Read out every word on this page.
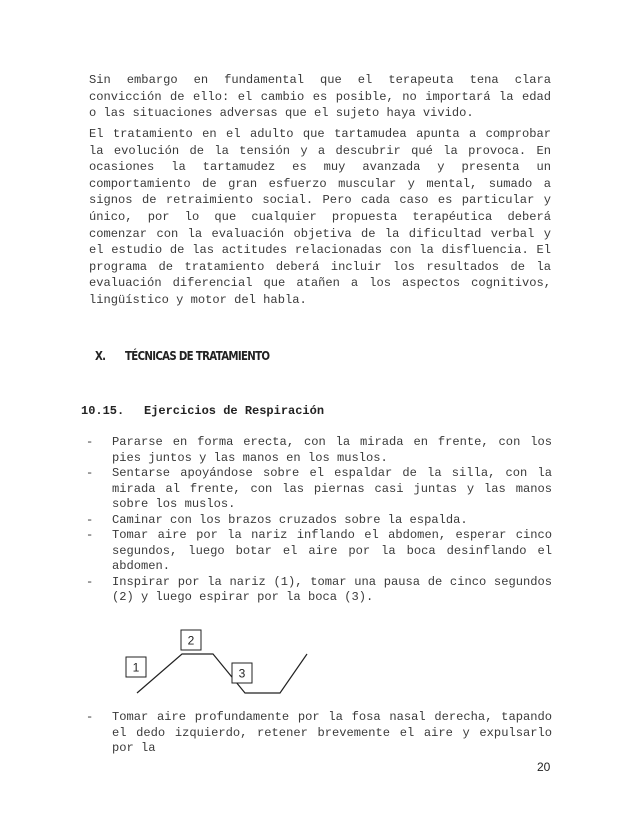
Sin embargo en fundamental que el terapeuta tena clara convicción de ello: el cambio es posible, no importará la edad o las situaciones adversas que el sujeto haya vivido.

El tratamiento en el adulto que tartamudea apunta a comprobar la evolución de la tensión y a descubrir qué la provoca. En ocasiones la tartamudez es muy avanzada y presenta un comportamiento de gran esfuerzo muscular y mental, sumado a signos de retraimiento social. Pero cada caso es particular y único, por lo que cualquier propuesta terapéutica deberá comenzar con la evaluación objetiva de la dificultad verbal y el estudio de las actitudes relacionadas con la disfluencia. El programa de tratamiento deberá incluir los resultados de la evaluación diferencial que atañen a los aspectos cognitivos, lingüístico y motor del habla.

X. TÉCNICAS DE TRATAMIENTO
10.15. Ejercicios de Respiración
- Pararse en forma erecta, con la mirada en frente, con los pies juntos y las manos en los muslos.
- Sentarse apoyándose sobre el espaldar de la silla, con la mirada al frente, con las piernas casi juntas y las manos sobre los muslos.
- Caminar con los brazos cruzados sobre la espalda.
- Tomar aire por la nariz inflando el abdomen, esperar cinco segundos, luego botar el aire por la boca desinflando el abdomen.
- Inspirar por la nariz (1), tomar una pausa de cinco segundos (2) y luego espirar por la boca (3).
1
2
3
- Tomar aire profundamente por la fosa nasal derecha, tapando el dedo izquierdo, retener brevemente el aire y expulsarlo por la
20
